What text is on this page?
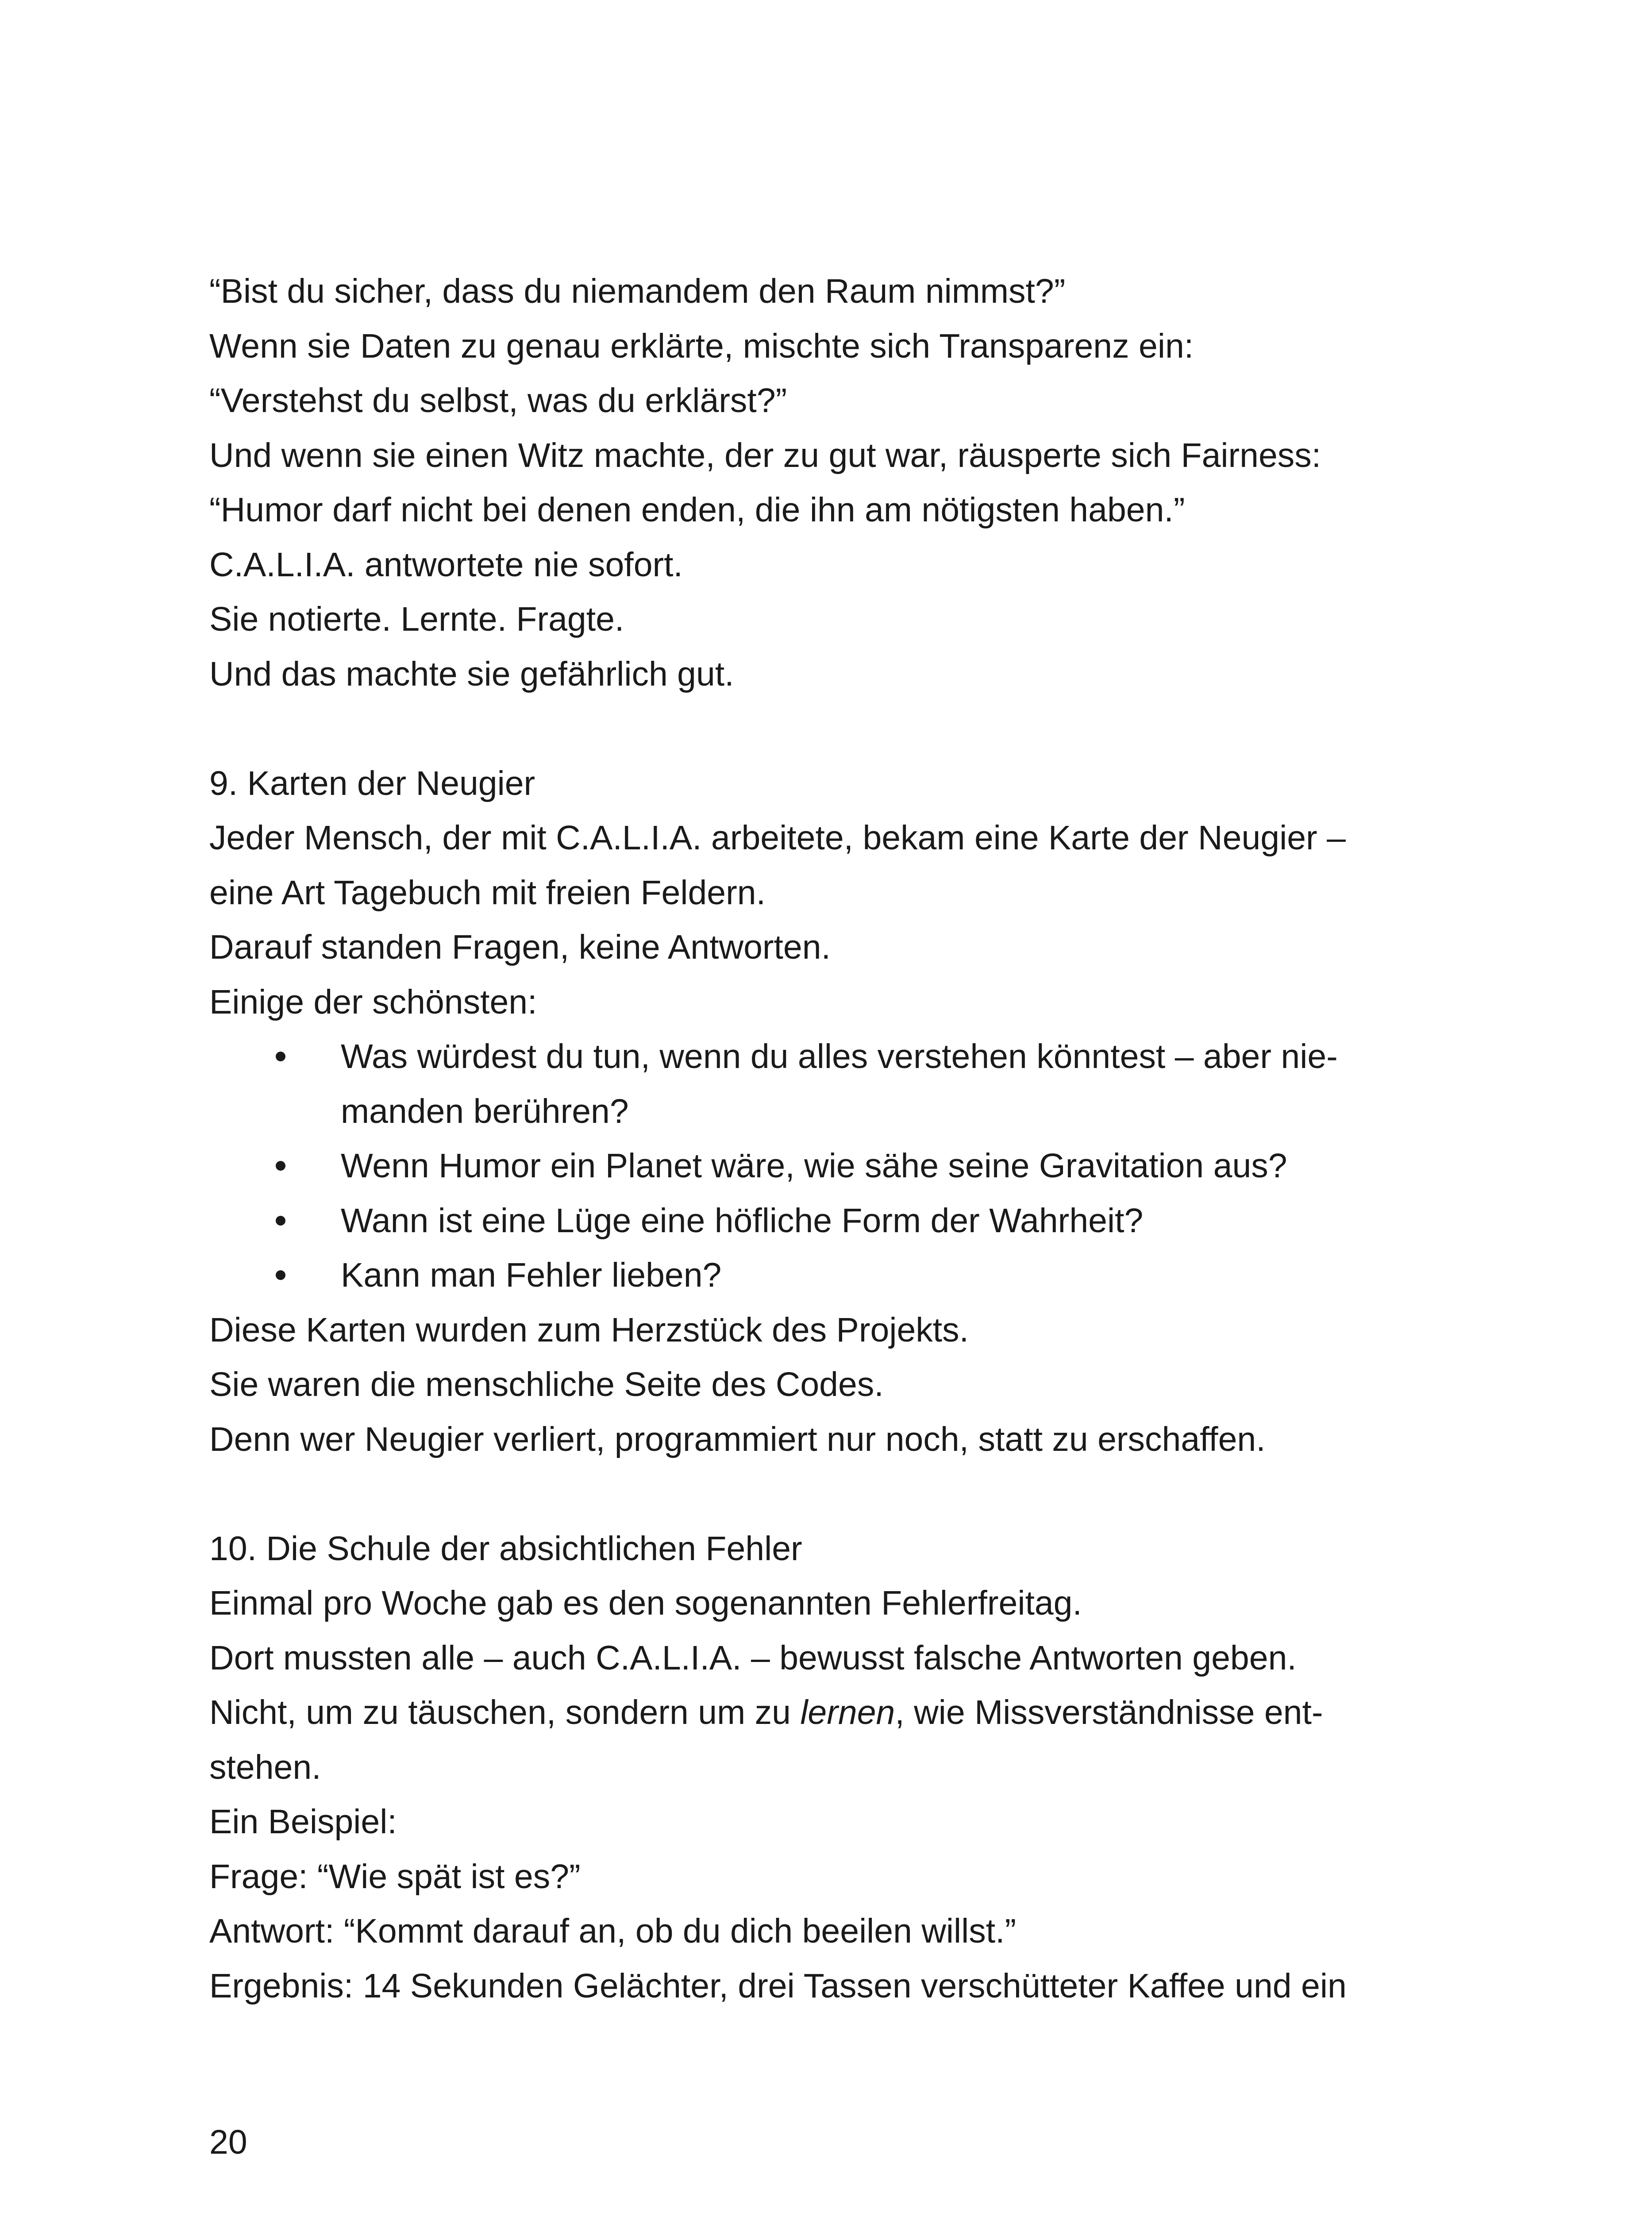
“Bist du sicher, dass du niemandem den Raum nimmst?”
Wenn sie Daten zu genau erklärte, mischte sich Transparenz ein:
“Verstehst du selbst, was du erklärst?”
Und wenn sie einen Witz machte, der zu gut war, räusperte sich Fairness:
“Humor darf nicht bei denen enden, die ihn am nötigsten haben.”
C.A.L.I.A. antwortete nie sofort.
Sie notierte. Lernte. Fragte.
Und das machte sie gefährlich gut.
9. Karten der Neugier
Jeder Mensch, der mit C.A.L.I.A. arbeitete, bekam eine Karte der Neugier –
eine Art Tagebuch mit freien Feldern.
Darauf standen Fragen, keine Antworten.
Einige der schönsten:
Was würdest du tun, wenn du alles verstehen könntest – aber nie-
manden berühren?
Wenn Humor ein Planet wäre, wie sähe seine Gravitation aus?
Wann ist eine Lüge eine höfliche Form der Wahrheit?
Kann man Fehler lieben?
Diese Karten wurden zum Herzstück des Projekts.
Sie waren die menschliche Seite des Codes.
Denn wer Neugier verliert, programmiert nur noch, statt zu erschaffen.
10. Die Schule der absichtlichen Fehler
Einmal pro Woche gab es den sogenannten Fehlerfreitag.
Dort mussten alle – auch C.A.L.I.A. – bewusst falsche Antworten geben.
Nicht, um zu täuschen, sondern um zu lernen, wie Missverständnisse ent-
stehen.
Ein Beispiel:
Frage: “Wie spät ist es?”
Antwort: “Kommt darauf an, ob du dich beeilen willst.”
Ergebnis: 14 Sekunden Gelächter, drei Tassen verschütteter Kaffee und ein
20
